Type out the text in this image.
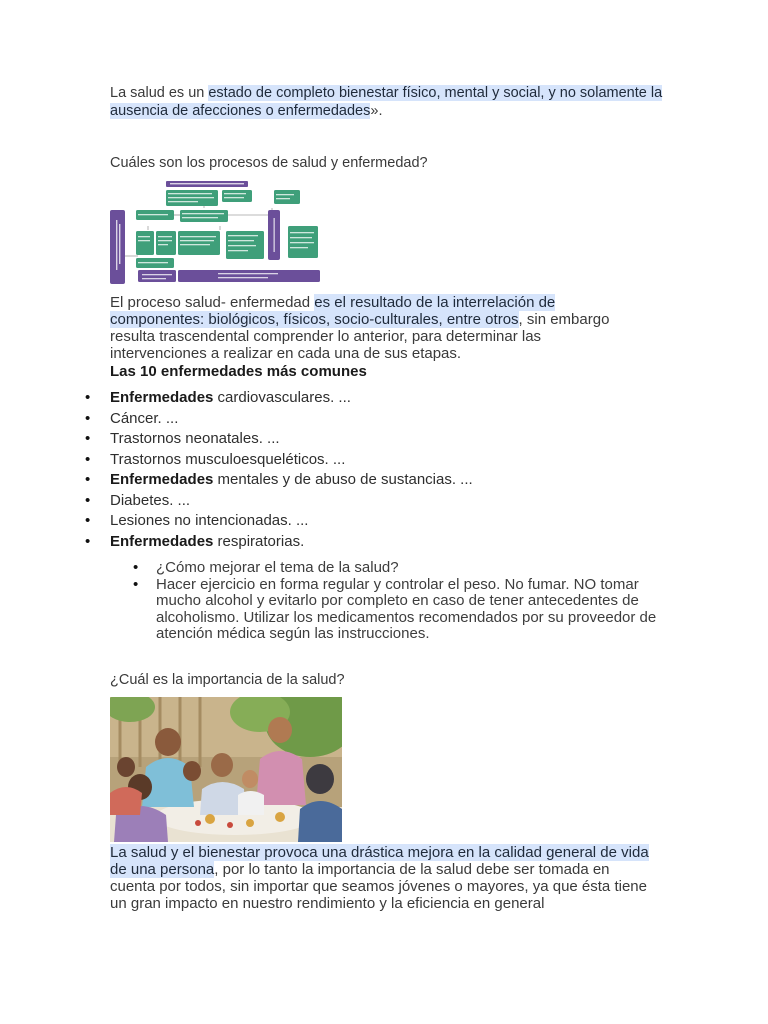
La salud es un estado de completo bienestar físico, mental y social, y no solamente la ausencia de afecciones o enfermedades».

Cuáles son los procesos de salud y enfermedad?

El proceso salud- enfermedad es el resultado de la interrelación de componentes: biológicos, físicos, socio-culturales, entre otros, sin embargo resulta trascendental comprender lo anterior, para determinar las intervenciones a realizar en cada una de sus etapas.

Las 10 enfermedades más comunes

• Enfermedades cardiovasculares. ...
• Cáncer. ...
• Trastornos neonatales. ...
• Trastornos musculoesqueléticos. ...
• Enfermedades mentales y de abuso de sustancias. ...
• Diabetes. ...
• Lesiones no intencionadas. ...
• Enfermedades respiratorias.
• ¿Cómo mejorar el tema de la salud?
• Hacer ejercicio en forma regular y controlar el peso. No fumar. NO tomar mucho alcohol y evitarlo por completo en caso de tener antecedentes de alcoholismo. Utilizar los medicamentos recomendados por su proveedor de atención médica según las instrucciones.

¿Cuál es la importancia de la salud?

La salud y el bienestar provoca una drástica mejora en la calidad general de vida de una persona, por lo tanto la importancia de la salud debe ser tomada en cuenta por todos, sin importar que seamos jóvenes o mayores, ya que ésta tiene un gran impacto en nuestro rendimiento y la eficiencia en general
